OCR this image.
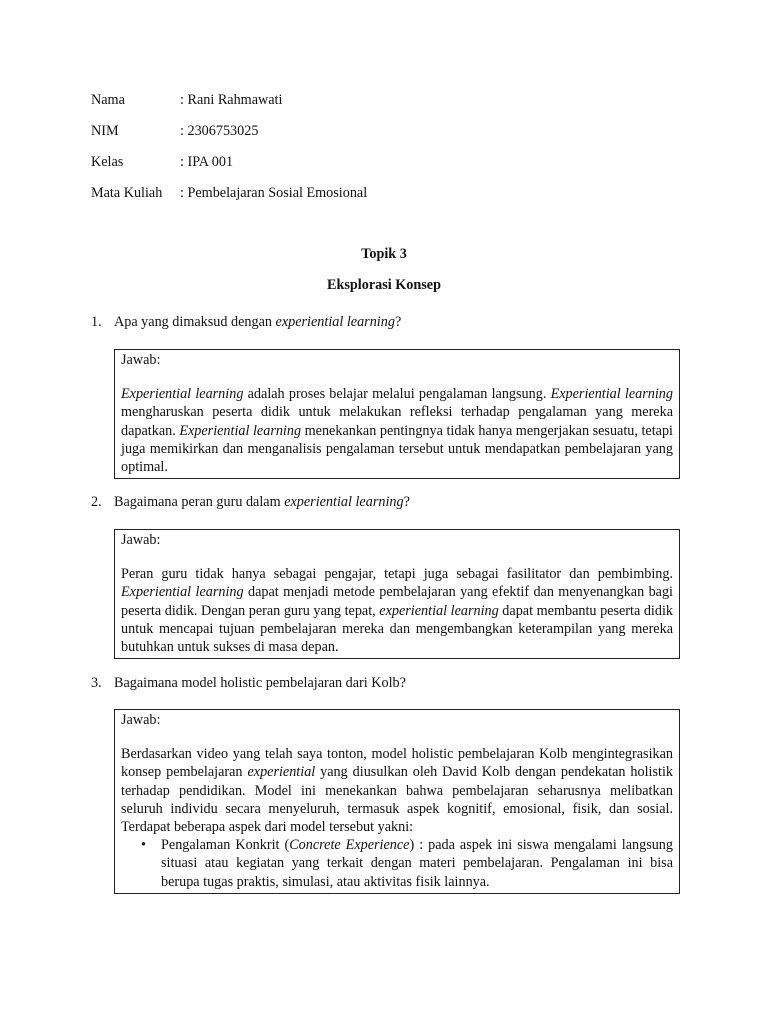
Nama	: Rani Rahmawati
NIM	: 2306753025
Kelas	: IPA 001
Mata Kuliah	: Pembelajaran Sosial Emosional
Topik 3
Eksplorasi Konsep
1. Apa yang dimaksud dengan experiential learning?
Jawab:

Experiential learning adalah proses belajar melalui pengalaman langsung. Experiential learning mengharuskan peserta didik untuk melakukan refleksi terhadap pengalaman yang mereka dapatkan. Experiential learning menekankan pentingnya tidak hanya mengerjakan sesuatu, tetapi juga memikirkan dan menganalisis pengalaman tersebut untuk mendapatkan pembelajaran yang optimal.

2. Bagaimana peran guru dalam experiential learning?
Jawab:

Peran guru tidak hanya sebagai pengajar, tetapi juga sebagai fasilitator dan pembimbing. Experiential learning dapat menjadi metode pembelajaran yang efektif dan menyenangkan bagi peserta didik. Dengan peran guru yang tepat, experiential learning dapat membantu peserta didik untuk mencapai tujuan pembelajaran mereka dan mengembangkan keterampilan yang mereka butuhkan untuk sukses di masa depan.

3. Bagaimana model holistic pembelajaran dari Kolb?
Jawab:

Berdasarkan video yang telah saya tonton, model holistic pembelajaran Kolb mengintegrasikan konsep pembelajaran experiential yang diusulkan oleh David Kolb dengan pendekatan holistik terhadap pendidikan. Model ini menekankan bahwa pembelajaran seharusnya melibatkan seluruh individu secara menyeluruh, termasuk aspek kognitif, emosional, fisik, dan sosial. Terdapat beberapa aspek dari model tersebut yakni:

• Pengalaman Konkrit (Concrete Experience) : pada aspek ini siswa mengalami langsung situasi atau kegiatan yang terkait dengan materi pembelajaran. Pengalaman ini bisa berupa tugas praktis, simulasi, atau aktivitas fisik lainnya.
